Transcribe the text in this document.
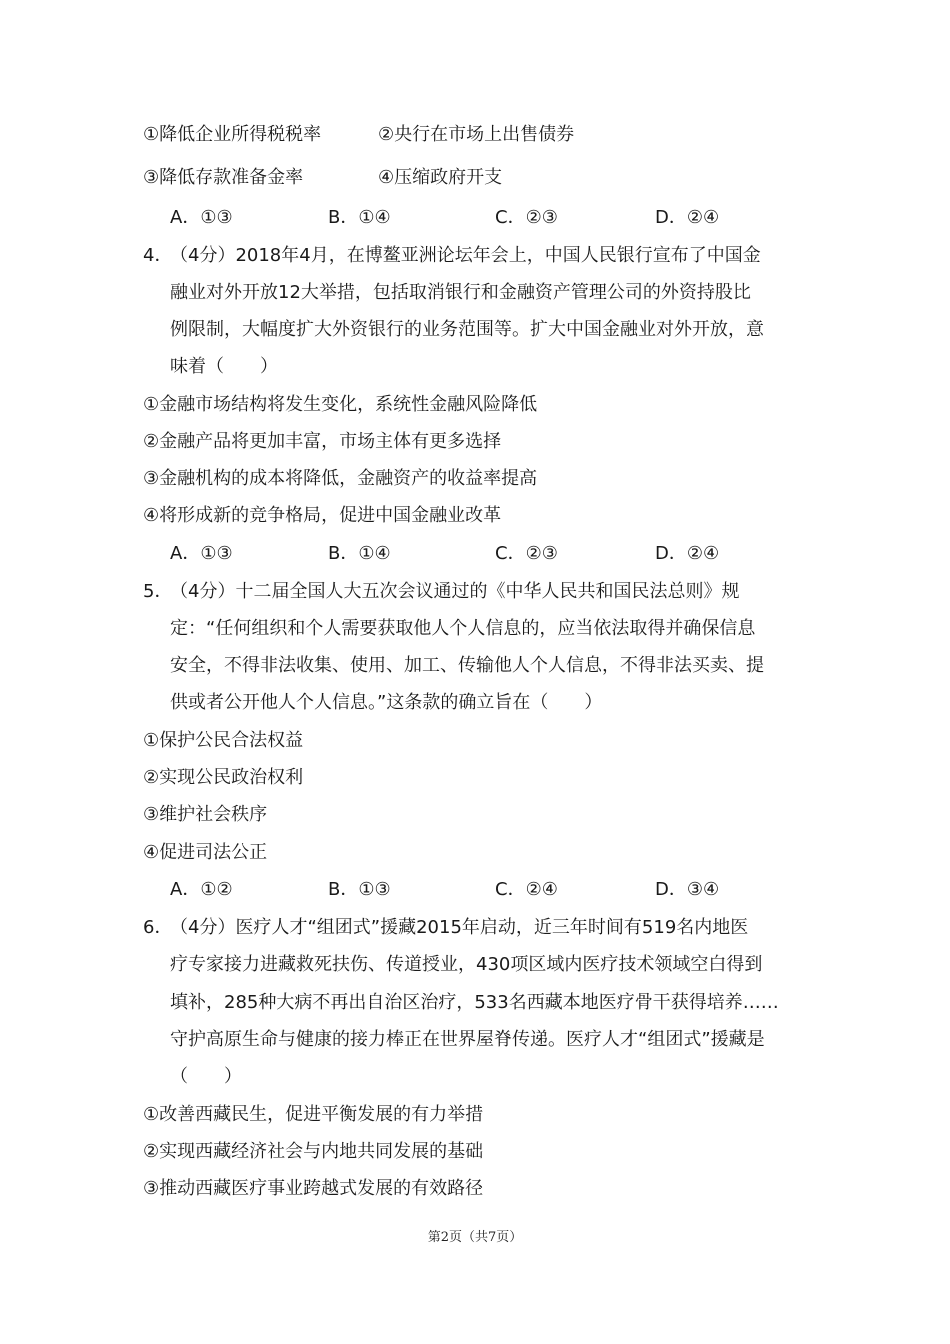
①降低企业所得税税率	②央行在市场上出售债券
③降低存款准备金率	④压缩政府开支
A．①③	B．①④	C．②③	D．②④
4．
（4分）2018年4月，在博鳌亚洲论坛年会上，中国人民银行宣布了中国金
融业对外开放12大举措，包括取消银行和金融资产管理公司的外资持股比
例限制，大幅度扩大外资银行的业务范围等。扩大中国金融业对外开放，意
味着（　　）
①金融市场结构将发生变化，系统性金融风险降低
②金融产品将更加丰富，市场主体有更多选择
③金融机构的成本将降低，金融资产的收益率提高
④将形成新的竞争格局，促进中国金融业改革
A．①③	B．①④	C．②③	D．②④
5．
（4分）十二届全国人大五次会议通过的《中华人民共和国民法总则》规
定：“任何组织和个人需要获取他人个人信息的，应当依法取得并确保信息
安全，不得非法收集、使用、加工、传输他人个人信息，不得非法买卖、提
供或者公开他人个人信息。”这条款的确立旨在（　　）
①保护公民合法权益
②实现公民政治权利
③维护社会秩序
④促进司法公正
A．①②	B．①③	C．②④	D．③④
6．
（4分）医疗人才“组团式”援藏2015年启动，近三年时间有519名内地医
疗专家接力进藏救死扶伤、传道授业，430项区域内医疗技术领域空白得到
填补，285种大病不再出自治区治疗，533名西藏本地医疗骨干获得培养……
守护高原生命与健康的接力棒正在世界屋脊传递。医疗人才“组团式”援藏是
（　　）
①改善西藏民生，促进平衡发展的有力举措
②实现西藏经济社会与内地共同发展的基础
③推动西藏医疗事业跨越式发展的有效路径
第2页（共7页）
